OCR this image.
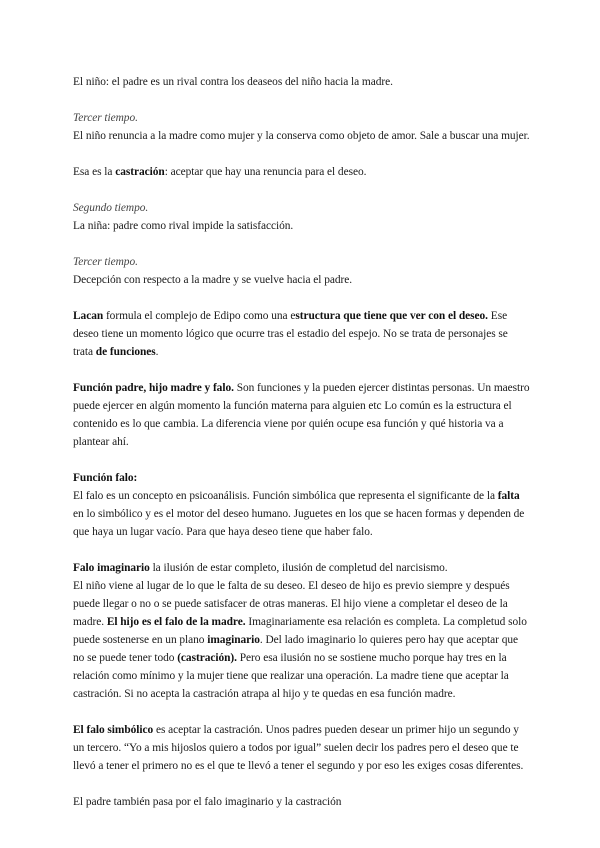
El niño: el padre es un rival contra los deaseos del niño hacia la madre.

Tercer tiempo.

El niño renuncia a la madre como mujer y la conserva como objeto de amor. Sale a buscar una mujer.

Esa es la castración: aceptar que hay una renuncia para el deseo.

Segundo tiempo.

La niña: padre como rival impide la satisfacción.

Tercer tiempo.

Decepción con respecto a la madre y se vuelve hacia el padre.

Lacan formula el complejo de Edipo como una estructura que tiene que ver con el deseo. Ese deseo tiene un momento lógico que ocurre tras el estadio del espejo. No se trata de personajes se trata de funciones.

Función padre, hijo madre y falo. Son funciones y la pueden ejercer distintas personas. Un maestro puede ejercer en algún momento la función materna para alguien etc Lo común es la estructura el contenido es lo que cambia. La diferencia viene por quién ocupe esa función y qué historia va a plantear ahí.

Función falo:

El falo es un concepto en psicoanálisis. Función simbólica que representa el significante de la falta en lo simbólico y es el motor del deseo humano. Juguetes en los que se hacen formas y dependen de que haya un lugar vacío. Para que haya deseo tiene que haber falo.

Falo imaginario la ilusión de estar completo, ilusión de completud del narcisismo.

El niño viene al lugar de lo que le falta de su deseo. El deseo de hijo es previo siempre y después puede llegar o no o se puede satisfacer de otras maneras. El hijo viene a completar el deseo de la madre. El hijo es el falo de la madre. Imaginariamente esa relación es completa. La completud solo puede sostenerse en un plano imaginario. Del lado imaginario lo quieres pero hay que aceptar que no se puede tener todo (castración). Pero esa ilusión no se sostiene mucho porque hay tres en la relación como mínimo y la mujer tiene que realizar una operación. La madre tiene que aceptar la castración. Si no acepta la castración atrapa al hijo y te quedas en esa función madre.

El falo simbólico es aceptar la castración. Unos padres pueden desear un primer hijo un segundo y un tercero. “Yo a mis hijoslos quiero a todos por igual” suelen decir los padres pero el deseo que te llevó a tener el primero no es el que te llevó a tener el segundo y por eso les exiges cosas diferentes.

El padre también pasa por el falo imaginario y la castración
